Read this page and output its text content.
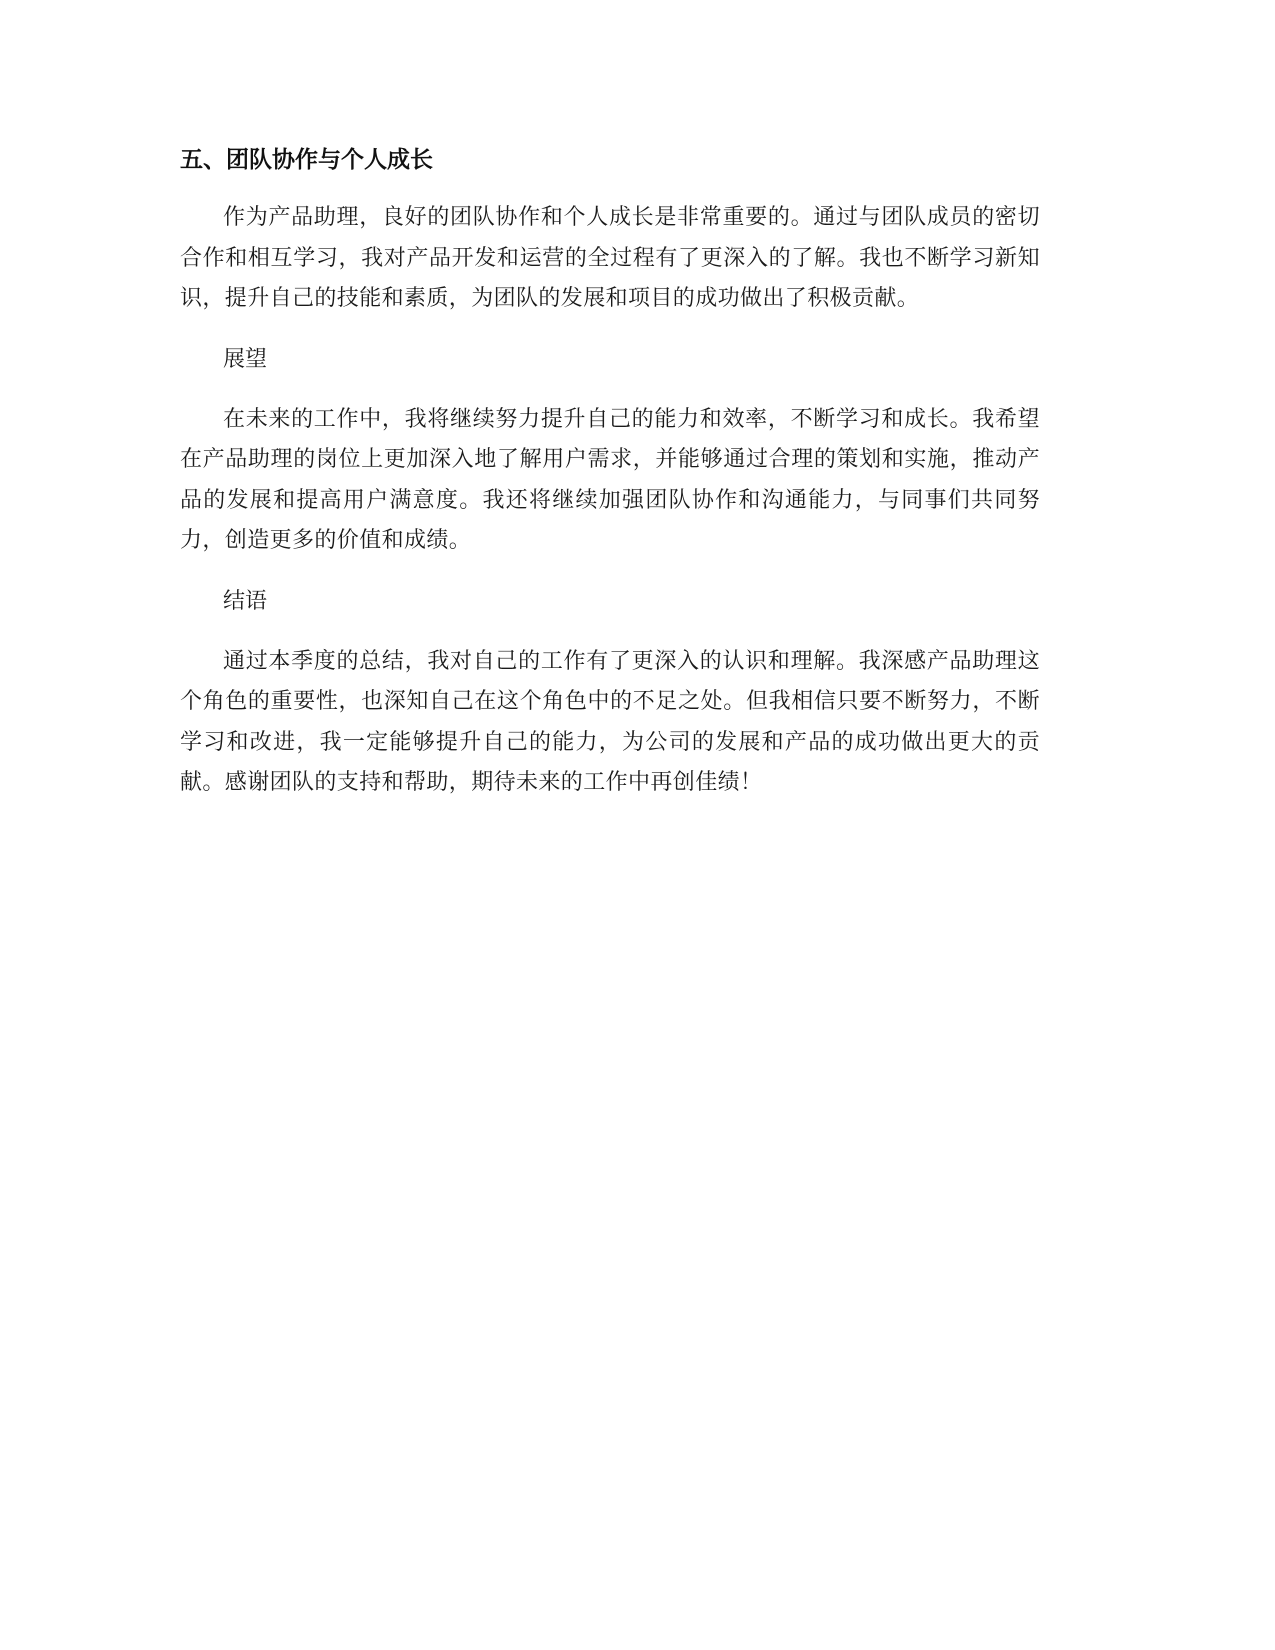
五、团队协作与个人成长

作为产品助理，良好的团队协作和个人成长是非常重要的。通过与团队成员的密切合作和相互学习，我对产品开发和运营的全过程有了更深入的了解。我也不断学习新知识，提升自己的技能和素质，为团队的发展和项目的成功做出了积极贡献。

展望

在未来的工作中，我将继续努力提升自己的能力和效率，不断学习和成长。我希望在产品助理的岗位上更加深入地了解用户需求，并能够通过合理的策划和实施，推动产品的发展和提高用户满意度。我还将继续加强团队协作和沟通能力，与同事们共同努力，创造更多的价值和成绩。

结语

通过本季度的总结，我对自己的工作有了更深入的认识和理解。我深感产品助理这个角色的重要性，也深知自己在这个角色中的不足之处。但我相信只要不断努力，不断学习和改进，我一定能够提升自己的能力，为公司的发展和产品的成功做出更大的贡献。感谢团队的支持和帮助，期待未来的工作中再创佳绩！
